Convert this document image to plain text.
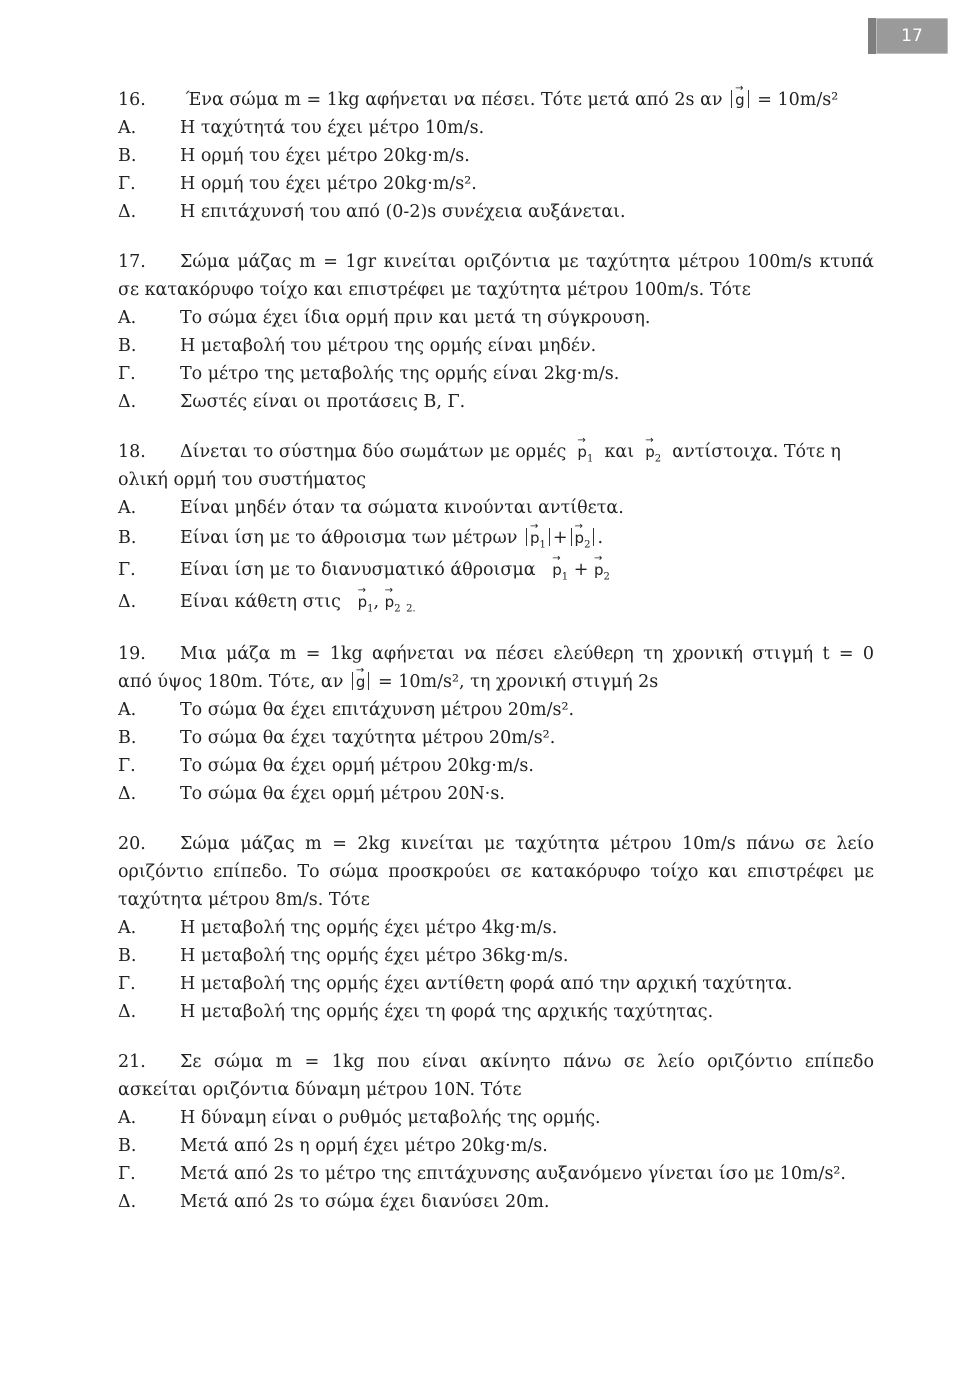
17
16. Ένα σώμα m = 1kg αφήνεται να πέσει. Τότε μετά από 2s αν → g = 10m/s²
Α.	Η ταχύτητά του έχει μέτρο 10m/s.
Β. Η ορμή του έχει μέτρο 20kg·m/s.
Γ.	Η ορμή του έχει μέτρο 20kg·m/s².
Δ.	Η επιτάχυνσή του από (0-2)s συνέχεια αυξάνεται.
17. Σώμα μάζας m = 1gr κινείται οριζόντια με ταχύτητα μέτρου 100m/s κτυπά
σε κατακόρυφο τοίχο και επιστρέφει με ταχύτητα μέτρου 100m/s. Τότε
Α.	Το σώμα έχει ίδια ορμή πριν και μετά τη σύγκρουση.
Β. Η μεταβολή του μέτρου της ορμής είναι μηδέν.
Γ.	Το μέτρο της μεταβολής της ορμής είναι 2kg·m/s.
Δ.	Σωστές είναι οι προτάσεις Β, Γ.
18. Δίνεται το σύστημα δύο σωμάτων με $o\rho\mu έ\varsigma \to p_1$ $\kappa\alpha\iota \to p_2$ αντίστοιχα. Τότε η
ολική ορμή του συστήματος
Α.	Είναι μηδέν όταν τα σώματα κινούνται αντίθετα.
Β. Είναι ίση με το άθροισμα των $\mu έ\tau\rho\omega\nu \to p_1 +\to p_2$ .
Γ.	Είναι ίση με το διανυσματικό $ά\theta\rho o\iota\sigma\mu\alpha \to p_1$ + → $p_2$
Δ.	Είναι κάθετη $\sigma\tau\iota\varsigma \to p_1$, → $p_2$ $_{2.}$
19. Μια μάζα m = 1kg αφήνεται να πέσει ελεύθερη τη χρονική στιγμή t = 0
από ύψος 180m. Τότε, αν → g = 10m/s², τη χρονική στιγμή 2s
Α.	Το σώμα θα έχει επιτάχυνση μέτρου 20m/s².
Β. Το σώμα θα έχει ταχύτητα μέτρου 20m/s².
Γ.	Το σώμα θα έχει ορμή μέτρου 20kg·m/s.
Δ.	Το σώμα θα έχει ορμή μέτρου 20N·s.
20. Σώμα μάζας m = 2kg κινείται με ταχύτητα μέτρου 10m/s πάνω σε λείο
οριζόντιο επίπεδο. Το σώμα προσκρούει σε κατακόρυφο τοίχο και επιστρέφει με
ταχύτητα μέτρου 8m/s. Τότε
Α.	Η μεταβολή της ορμής έχει μέτρο 4kg·m/s.
Β. Η μεταβολή της ορμής έχει μέτρο 36kg·m/s.
Γ.	Η μεταβολή της ορμής έχει αντίθετη φορά από την αρχική ταχύτητα.
Δ.	Η μεταβολή της ορμής έχει τη φορά της αρχικής ταχύτητας.
21. Σε σώμα m = 1kg που είναι ακίνητο πάνω σε λείο οριζόντιο επίπεδο
ασκείται οριζόντια δύναμη μέτρου 10N. Τότε
Α.	Η δύναμη είναι ο ρυθμός μεταβολής της ορμής.
Β. Μετά από 2s η ορμή έχει μέτρο 20kg·m/s.
Γ.	Μετά από 2s το μέτρο της επιτάχυνσης αυξανόμενο γίνεται ίσο με 10m/s².
Δ.	Μετά από 2s το σώμα έχει διανύσει 20m.
